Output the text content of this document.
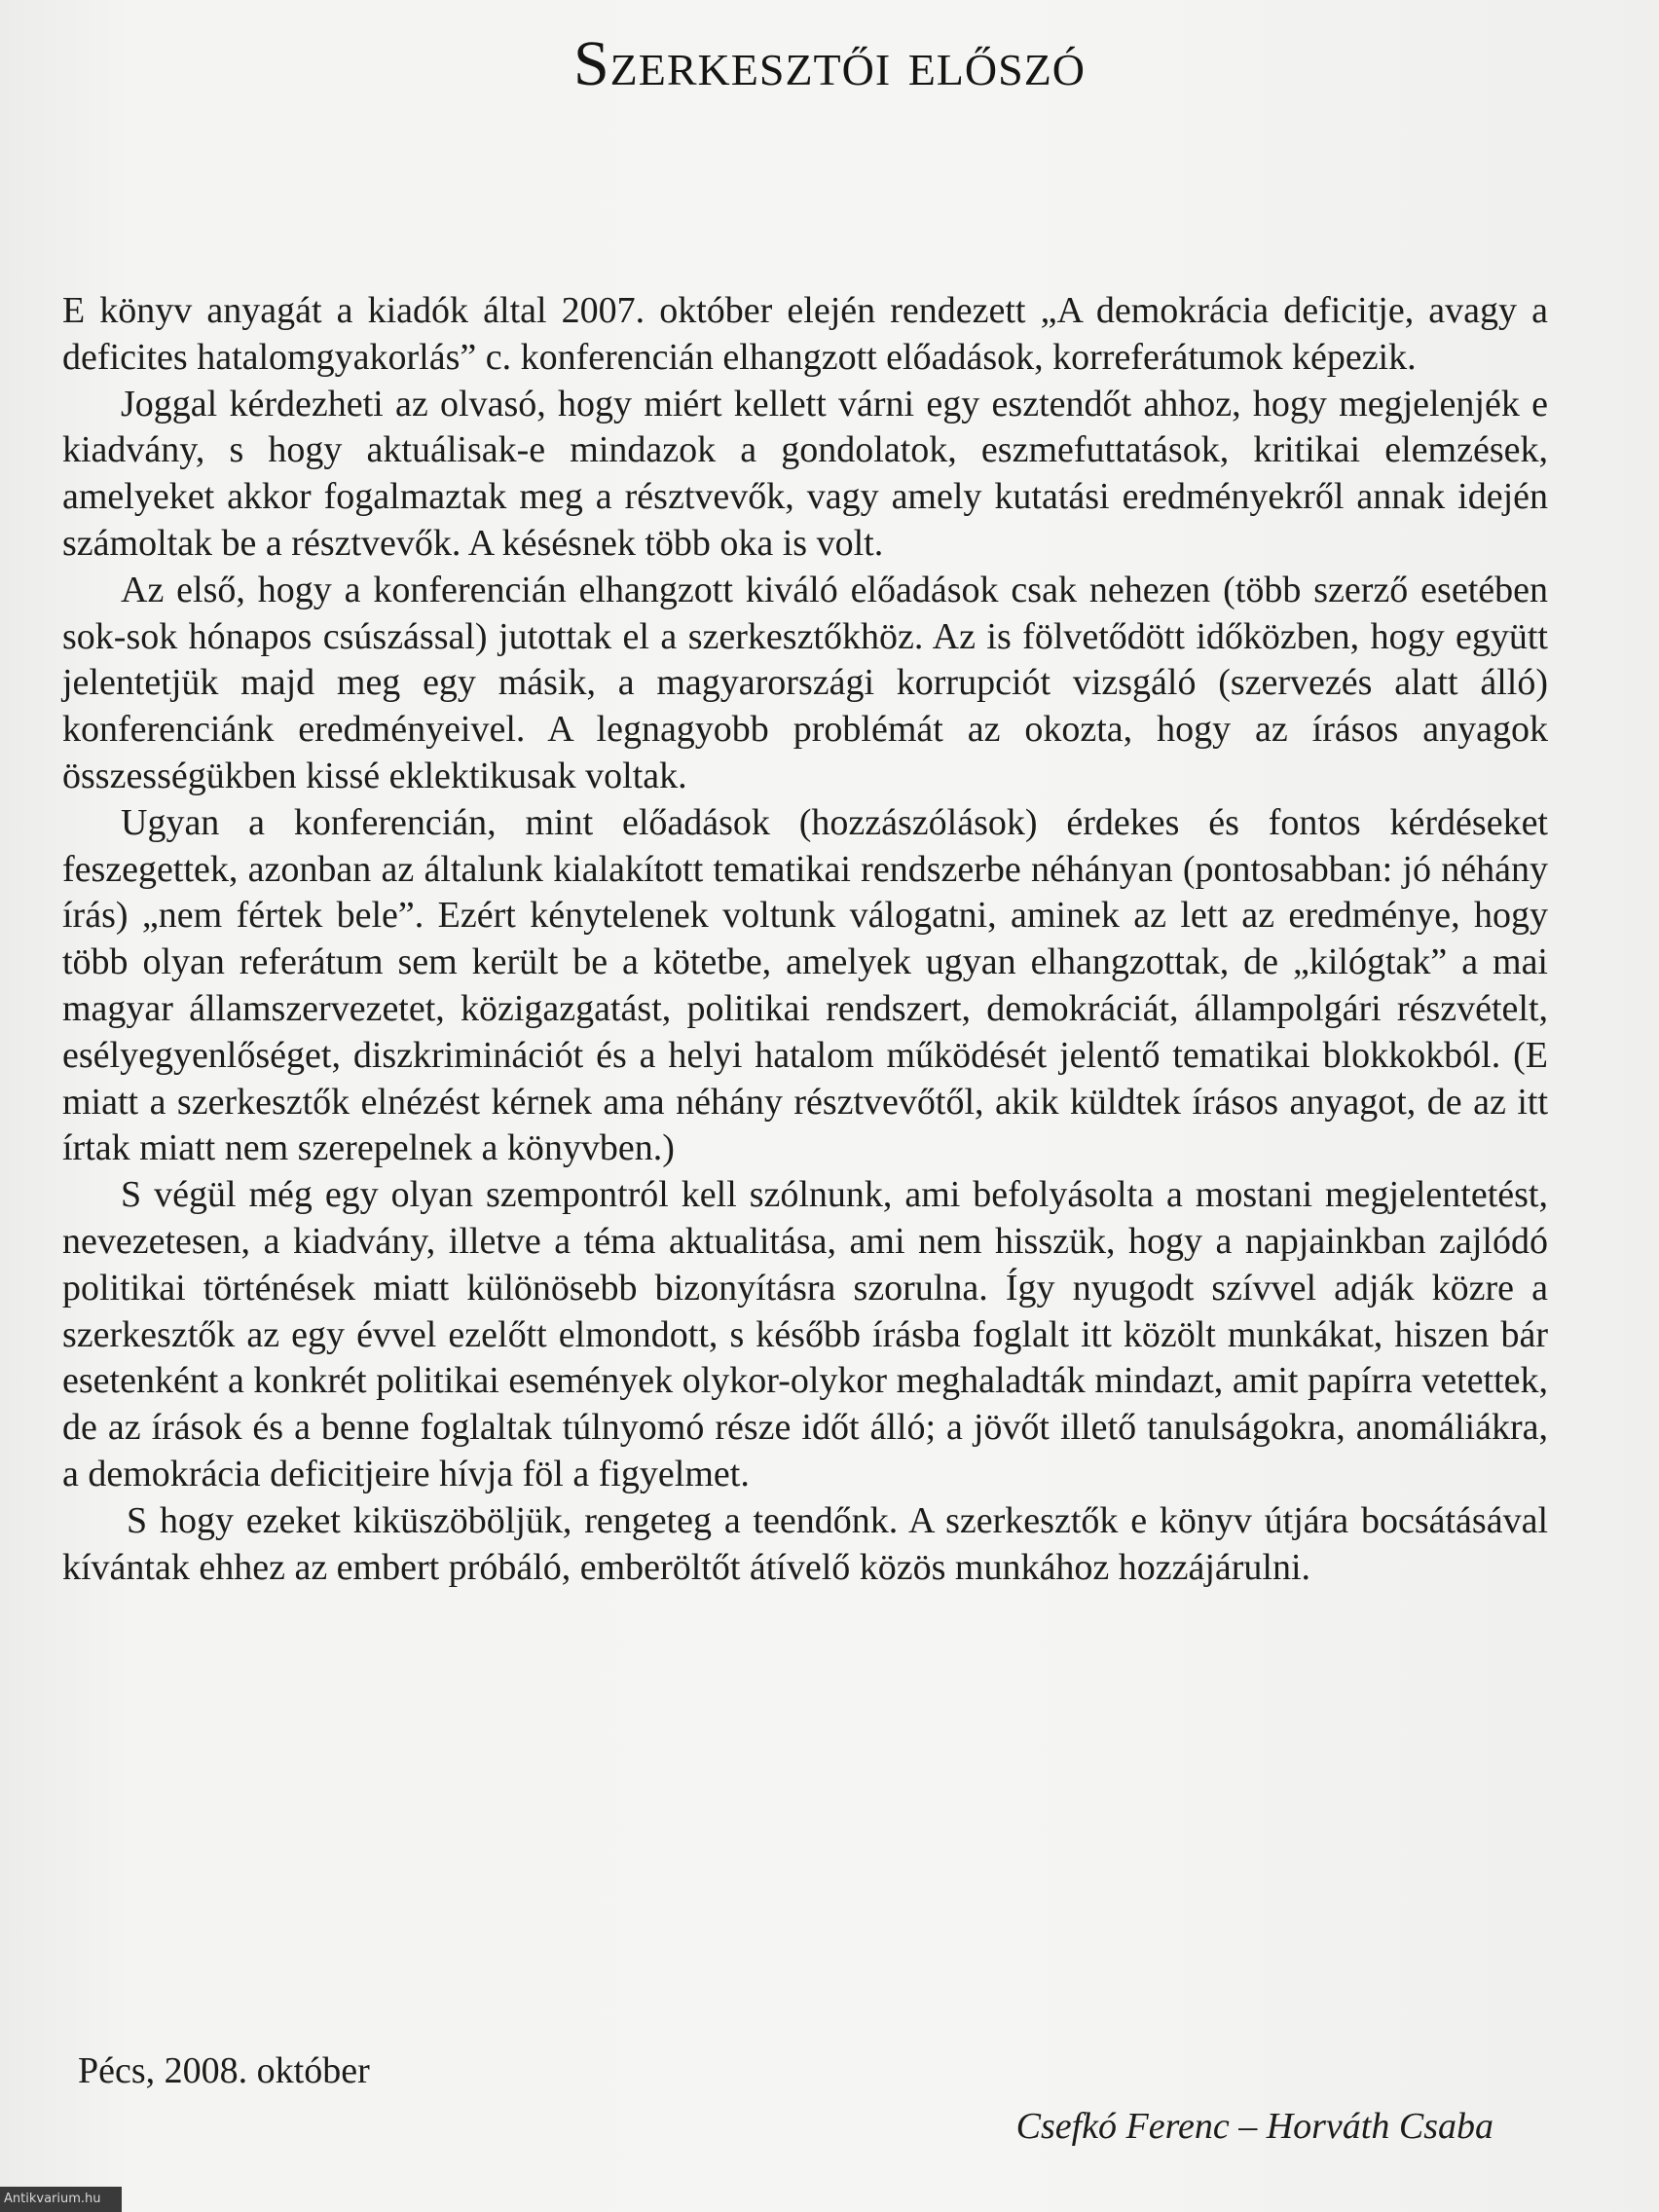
Szerkesztői előszó

E könyv anyagát a kiadók által 2007. október elején rendezett „A demokrácia deficitje, avagy a deficites hatalomgyakorlás” c. konferencián elhangzott előadások, korreferátumok képezik.

Joggal kérdezheti az olvasó, hogy miért kellett várni egy esztendőt ahhoz, hogy megjelenjék e kiadvány, s hogy aktuálisak-e mindazok a gondolatok, eszmefuttatások, kritikai elemzések, amelyeket akkor fogalmaztak meg a résztvevők, vagy amely kutatási eredményekről annak idején számoltak be a résztvevők. A késésnek több oka is volt.

Az első, hogy a konferencián elhangzott kiváló előadások csak nehezen (több szerző esetében sok-sok hónapos csúszással) jutottak el a szerkesztőkhöz. Az is fölvetődött időközben, hogy együtt jelentetjük majd meg egy másik, a magyarországi korrupciót vizsgáló (szervezés alatt álló) konferenciánk eredményeivel. A legnagyobb problémát az okozta, hogy az írásos anyagok összességükben kissé eklektikusak voltak.

Ugyan a konferencián, mint előadások (hozzászólások) érdekes és fontos kérdéseket feszegettek, azonban az általunk kialakított tematikai rendszerbe néhányan (pontosabban: jó néhány írás) „nem fértek bele”. Ezért kénytelenek voltunk válogatni, aminek az lett az eredménye, hogy több olyan referátum sem került be a kötetbe, amelyek ugyan elhangzottak, de „kilógtak” a mai magyar államszervezetet, közigazgatást, politikai rendszert, demokráciát, állampolgári részvételt, esélyegyenlőséget, diszkriminációt és a helyi hatalom működését jelentő tematikai blokkokból. (E miatt a szerkesztők elnézést kérnek ama néhány résztvevőtől, akik küldtek írásos anyagot, de az itt írtak miatt nem szerepelnek a könyvben.)

S végül még egy olyan szempontról kell szólnunk, ami befolyásolta a mostani megjelentetést, nevezetesen, a kiadvány, illetve a téma aktualitása, ami nem hisszük, hogy a napjainkban zajlódó politikai történések miatt különösebb bizonyításra szorulna. Így nyugodt szívvel adják közre a szerkesztők az egy évvel ezelőtt elmondott, s később írásba foglalt itt közölt munkákat, hiszen bár esetenként a konkrét politikai események olykor-olykor meghaladták mindazt, amit papírra vetettek, de az írások és a benne foglaltak túlnyomó része időt álló; a jövőt illető tanulságokra, anomáliákra, a demokrácia deficitjeire hívja föl a figyelmet.

S hogy ezeket kiküszöböljük, rengeteg a teendőnk. A szerkesztők e könyv útjára bocsátásával kívántak ehhez az embert próbáló, emberöltőt átívelő közös munkához hozzájárulni.

Pécs, 2008. október
Csefkó Ferenc – Horváth Csaba
Antikvarium.hu
